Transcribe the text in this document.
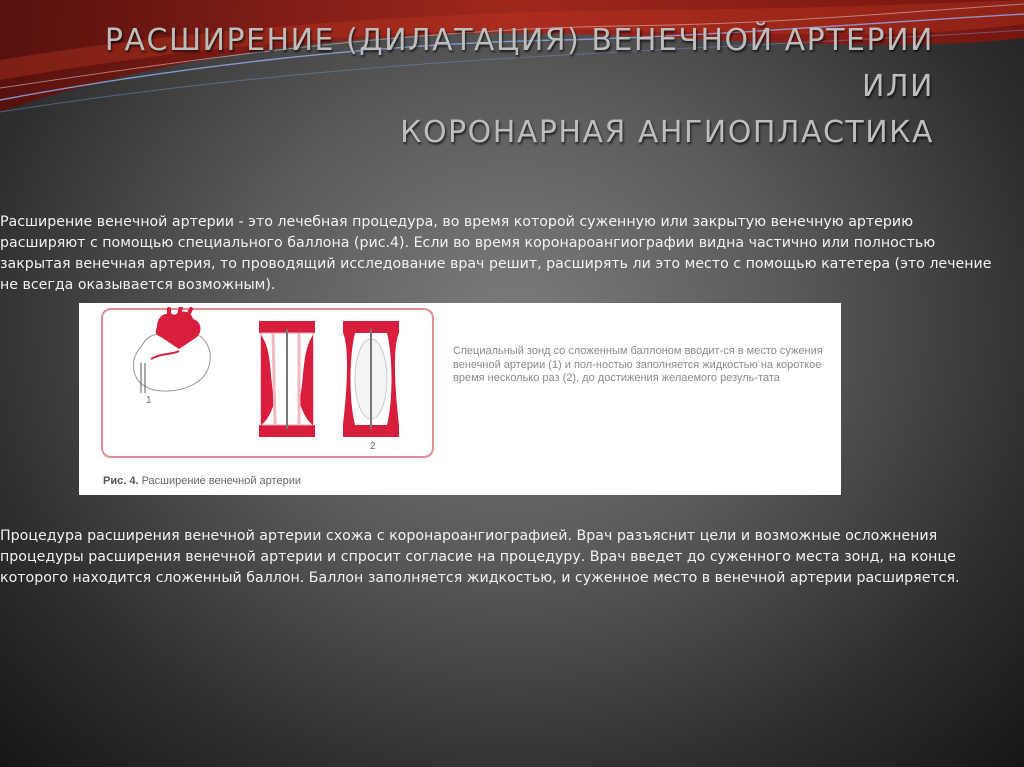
РАСШИРЕНИЕ (ДИЛАТАЦИЯ) ВЕНЕЧНОЙ АРТЕРИИ
ИЛИ
КОРОНАРНАЯ АНГИОПЛАСТИКА

Расширение венечной артерии - это лечебная процедура, во время которой суженную или закрытую венечную артерию расширяют с помощью специального баллона (рис.4). Если во время коронароангиографии видна частично или полностью закрытая венечная артерия, то проводящий исследование врач решит, расширять ли это место с помощью катетера (это лечение не всегда оказывается возможным).

1
2
Рис. 4. Расширение венечной артерии
Специальный зонд со сложенным баллоном вводит-ся в место сужения венечной артерии (1) и пол-ностью заполняется жидкостью на короткое время несколько раз (2), до достижения желаемого резуль-тата

Процедура расширения венечной артерии схожа с коронароангиографией. Врач разъяснит цели и возможные осложнения процедуры расширения венечной артерии и спросит согласие на процедуру. Врач введет до суженного места зонд, на конце которого находится сложенный баллон. Баллон заполняется жидкостью, и суженное место в венечной артерии расширяется.
